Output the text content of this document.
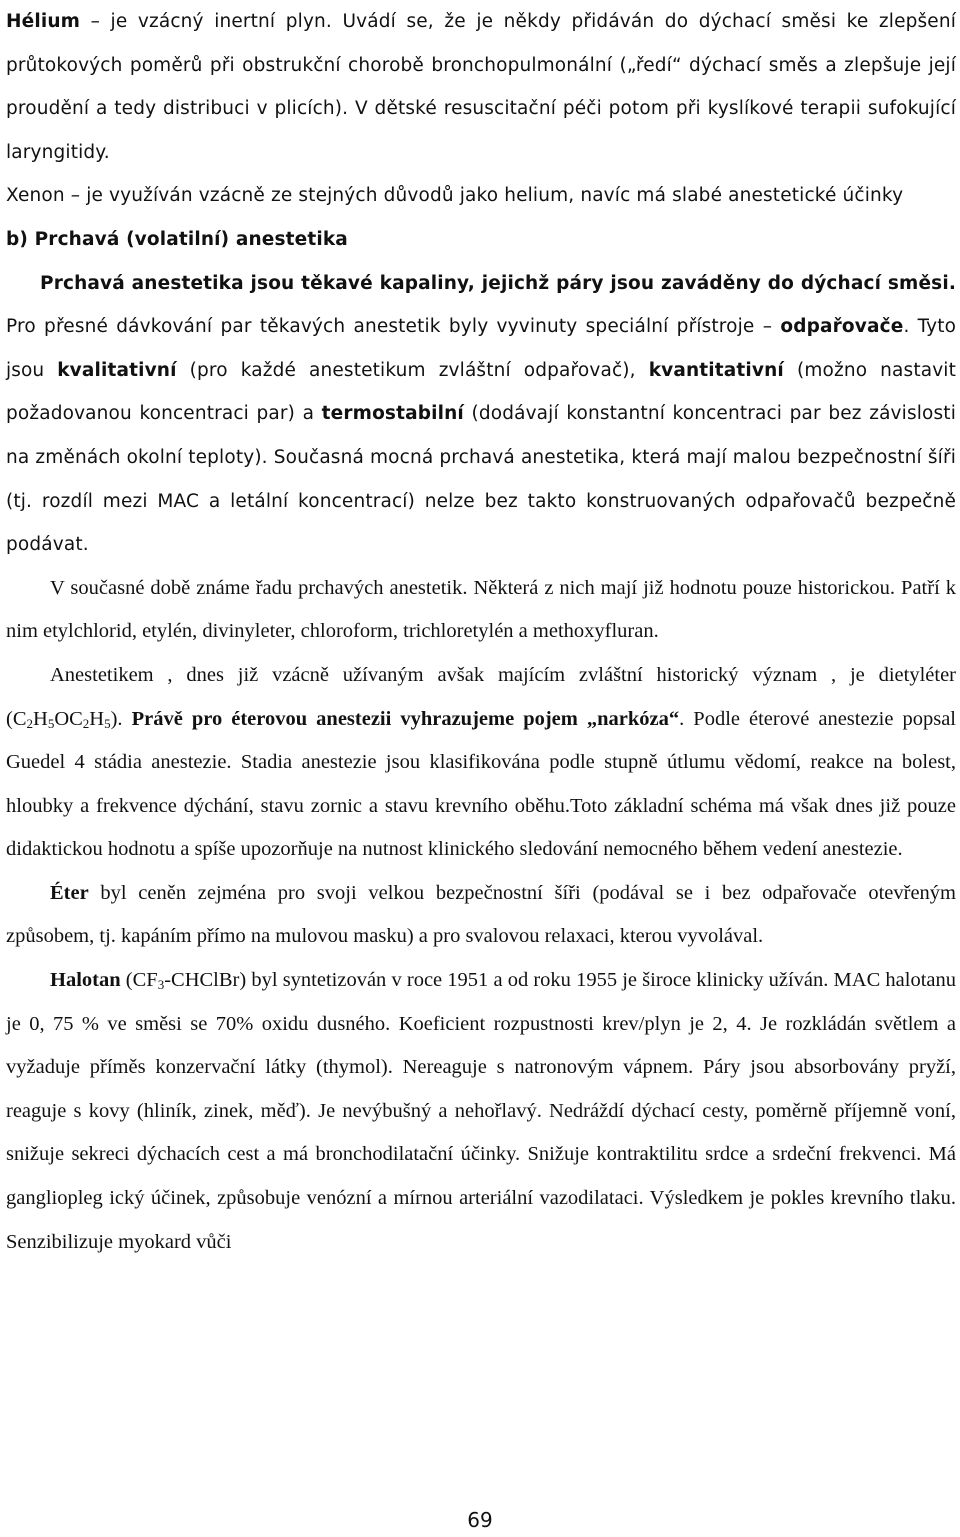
Hélium – je vzácný inertní plyn. Uvádí se, že je někdy přidáván do dýchací směsi ke zlepšení průtokových poměrů při obstrukční chorobě bronchopulmonální („ředí“ dýchací směs a zlepšuje její proudění a tedy distribuci v plicích). V dětské resuscitační péči potom při kyslíkové terapii sufokující laryngitidy.

Xenon – je využíván vzácně ze stejných důvodů jako helium, navíc má slabé anestetické účinky

b) Prchavá (volatilní) anestetika

Prchavá anestetika jsou těkavé kapaliny, jejichž páry jsou zaváděny do dýchací směsi. Pro přesné dávkování par těkavých anestetik byly vyvinuty speciální přístroje – odpařovače. Tyto jsou kvalitativní (pro každé anestetikum zvláštní odpařovač), kvantitativní (možno nastavit požadovanou koncentraci par) a termostabilní (dodávají konstantní koncentraci par bez závislosti na změnách okolní teploty). Současná mocná prchavá anestetika, která mají malou bezpečnostní šíři (tj. rozdíl mezi MAC a letální koncentrací) nelze bez takto konstruovaných odpařovačů bezpečně podávat.

V současné době známe řadu prchavých anestetik. Některá z nich mají již hodnotu pouze historickou. Patří k nim etylchlorid, etylén, divinyleter, chloroform, trichloretylén a methoxyfluran.

Anestetikem , dnes již vzácně užívaným avšak majícím zvláštní historický význam , je dietyléter $(C_2H_5OC_2H_5)$. Právě pro éterovou anestezii vyhrazujeme pojem „narkóza“. Podle éterové anestezie popsal Guedel 4 stádia anestezie. Stadia anestezie jsou klasifikována podle stupně útlumu vědomí, reakce na bolest, hloubky a frekvence dýchání, stavu zornic a stavu krevního oběhu.Toto základní schéma má však dnes již pouze didaktickou hodnotu a spíše upozorňuje na nutnost klinického sledování nemocného během vedení anestezie.

Éter byl ceněn zejména pro svoji velkou bezpečnostní šíři (podával se i bez odpařovače otevřeným způsobem, tj. kapáním přímo na mulovou masku) a pro svalovou relaxaci, kterou vyvolával.

Halotan $(CF_3-CHClBr)$ byl syntetizován v roce 1951 a od roku 1955 je široce klinicky užíván. MAC halotanu je 0, 75 % ve směsi se 70% oxidu dusného. Koeficient rozpustnosti krev/plyn je 2, 4. Je rozkládán světlem a vyžaduje příměs konzervační látky (thymol). Nereaguje s natronovým vápnem. Páry jsou absorbovány pryží, reaguje s kovy (hliník, zinek, měď). Je nevýbušný a nehořlavý. Nedráždí dýchací cesty, poměrně příjemně voní, snižuje sekreci dýchacích cest a má bronchodilatační účinky. Snižuje kontraktilitu srdce a srdeční frekvenci. Má gangliopleg ický účinek, způsobuje venózní a mírnou arteriální vazodilataci. Výsledkem je pokles krevního tlaku. Senzibilizuje myokard vůči

69
